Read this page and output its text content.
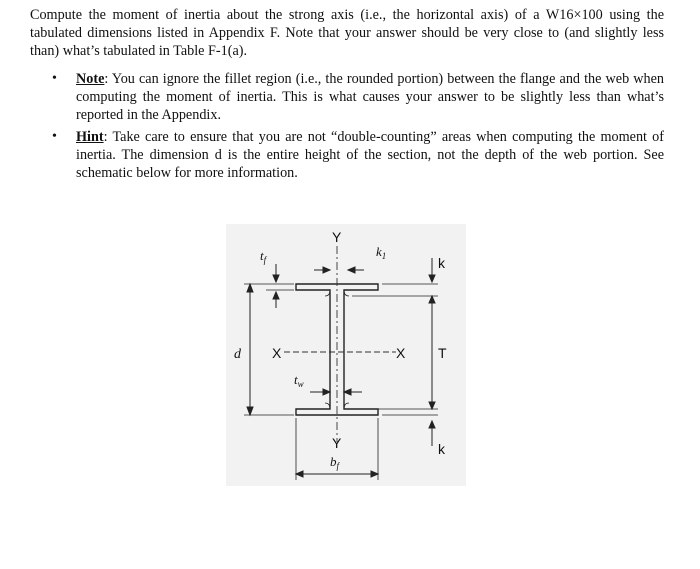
Compute the moment of inertia about the strong axis (i.e., the horizontal axis) of a W16×100 using the tabulated dimensions listed in Appendix F. Note that your answer should be very close to (and slightly less than) what’s tabulated in Table F-1(a).

• Note: You can ignore the fillet region (i.e., the rounded portion) between the flange and the web when computing the moment of inertia. This is what causes your answer to be slightly less than what’s reported in the Appendix.
• Hint: Take care to ensure that you are not “double-counting” areas when computing the moment of inertia. The dimension d is the entire height of the section, not the depth of the web portion. See schematic below for more information.
Y
Y
X	X
d	T
k
k
$t_f$
$k_1$
$t_w$
$b_f$
